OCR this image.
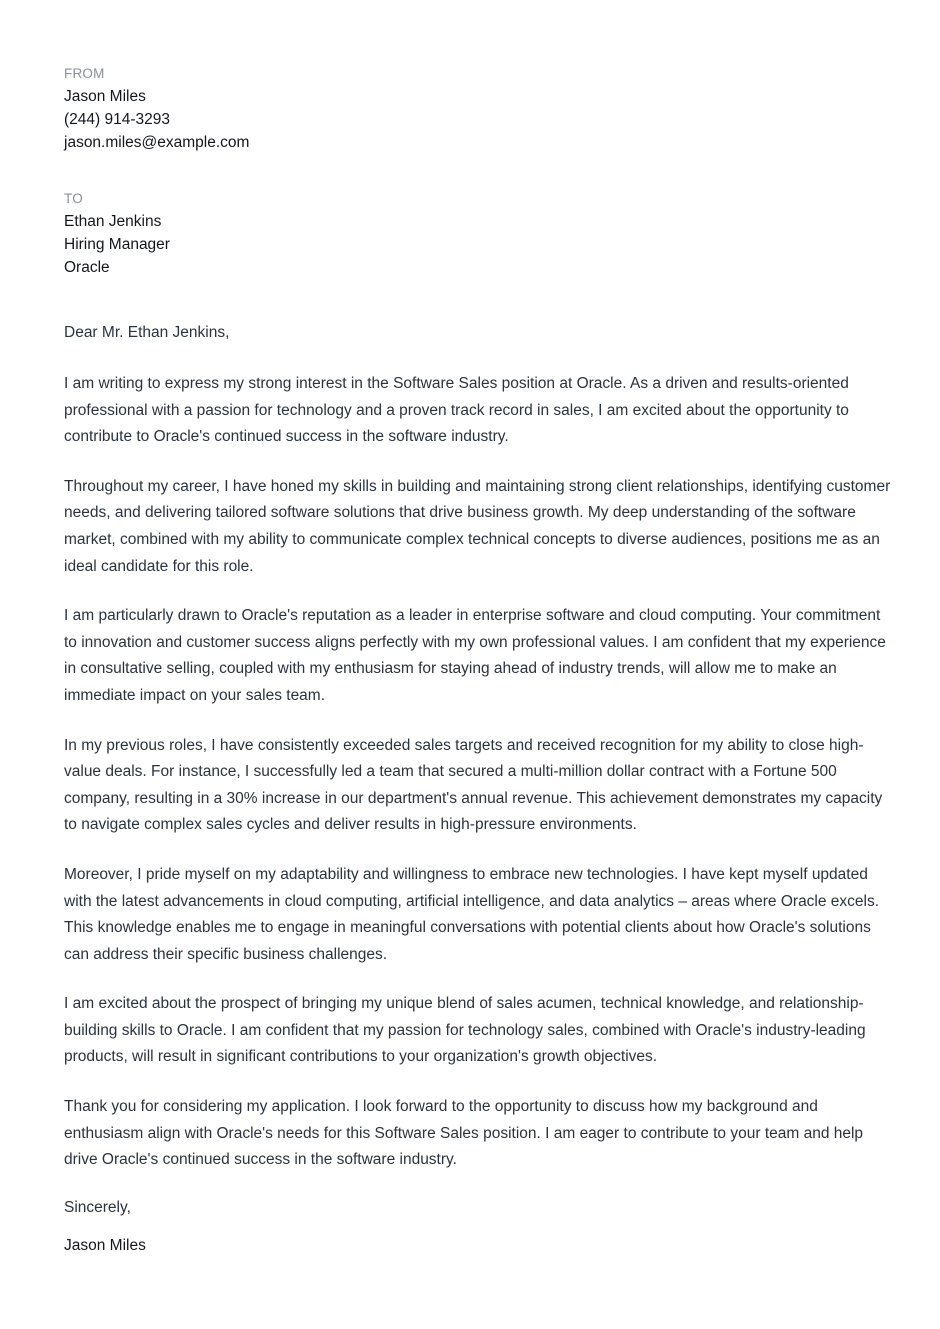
FROM
Jason Miles
(244) 914-3293
jason.miles@example.com
TO
Ethan Jenkins
Hiring Manager
Oracle

Dear Mr. Ethan Jenkins,

I am writing to express my strong interest in the Software Sales position at Oracle. As a driven and results-oriented professional with a passion for technology and a proven track record in sales, I am excited about the opportunity to contribute to Oracle's continued success in the software industry.

Throughout my career, I have honed my skills in building and maintaining strong client relationships, identifying customer needs, and delivering tailored software solutions that drive business growth. My deep understanding of the software market, combined with my ability to communicate complex technical concepts to diverse audiences, positions me as an ideal candidate for this role.

I am particularly drawn to Oracle's reputation as a leader in enterprise software and cloud computing. Your commitment to innovation and customer success aligns perfectly with my own professional values. I am confident that my experience in consultative selling, coupled with my enthusiasm for staying ahead of industry trends, will allow me to make an immediate impact on your sales team.

In my previous roles, I have consistently exceeded sales targets and received recognition for my ability to close high-value deals. For instance, I successfully led a team that secured a multi-million dollar contract with a Fortune 500 company, resulting in a 30% increase in our department's annual revenue. This achievement demonstrates my capacity to navigate complex sales cycles and deliver results in high-pressure environments.

Moreover, I pride myself on my adaptability and willingness to embrace new technologies. I have kept myself updated with the latest advancements in cloud computing, artificial intelligence, and data analytics – areas where Oracle excels. This knowledge enables me to engage in meaningful conversations with potential clients about how Oracle's solutions can address their specific business challenges.

I am excited about the prospect of bringing my unique blend of sales acumen, technical knowledge, and relationship-building skills to Oracle. I am confident that my passion for technology sales, combined with Oracle's industry-leading products, will result in significant contributions to your organization's growth objectives.

Thank you for considering my application. I look forward to the opportunity to discuss how my background and enthusiasm align with Oracle's needs for this Software Sales position. I am eager to contribute to your team and help drive Oracle's continued success in the software industry.

Sincerely,

Jason Miles
